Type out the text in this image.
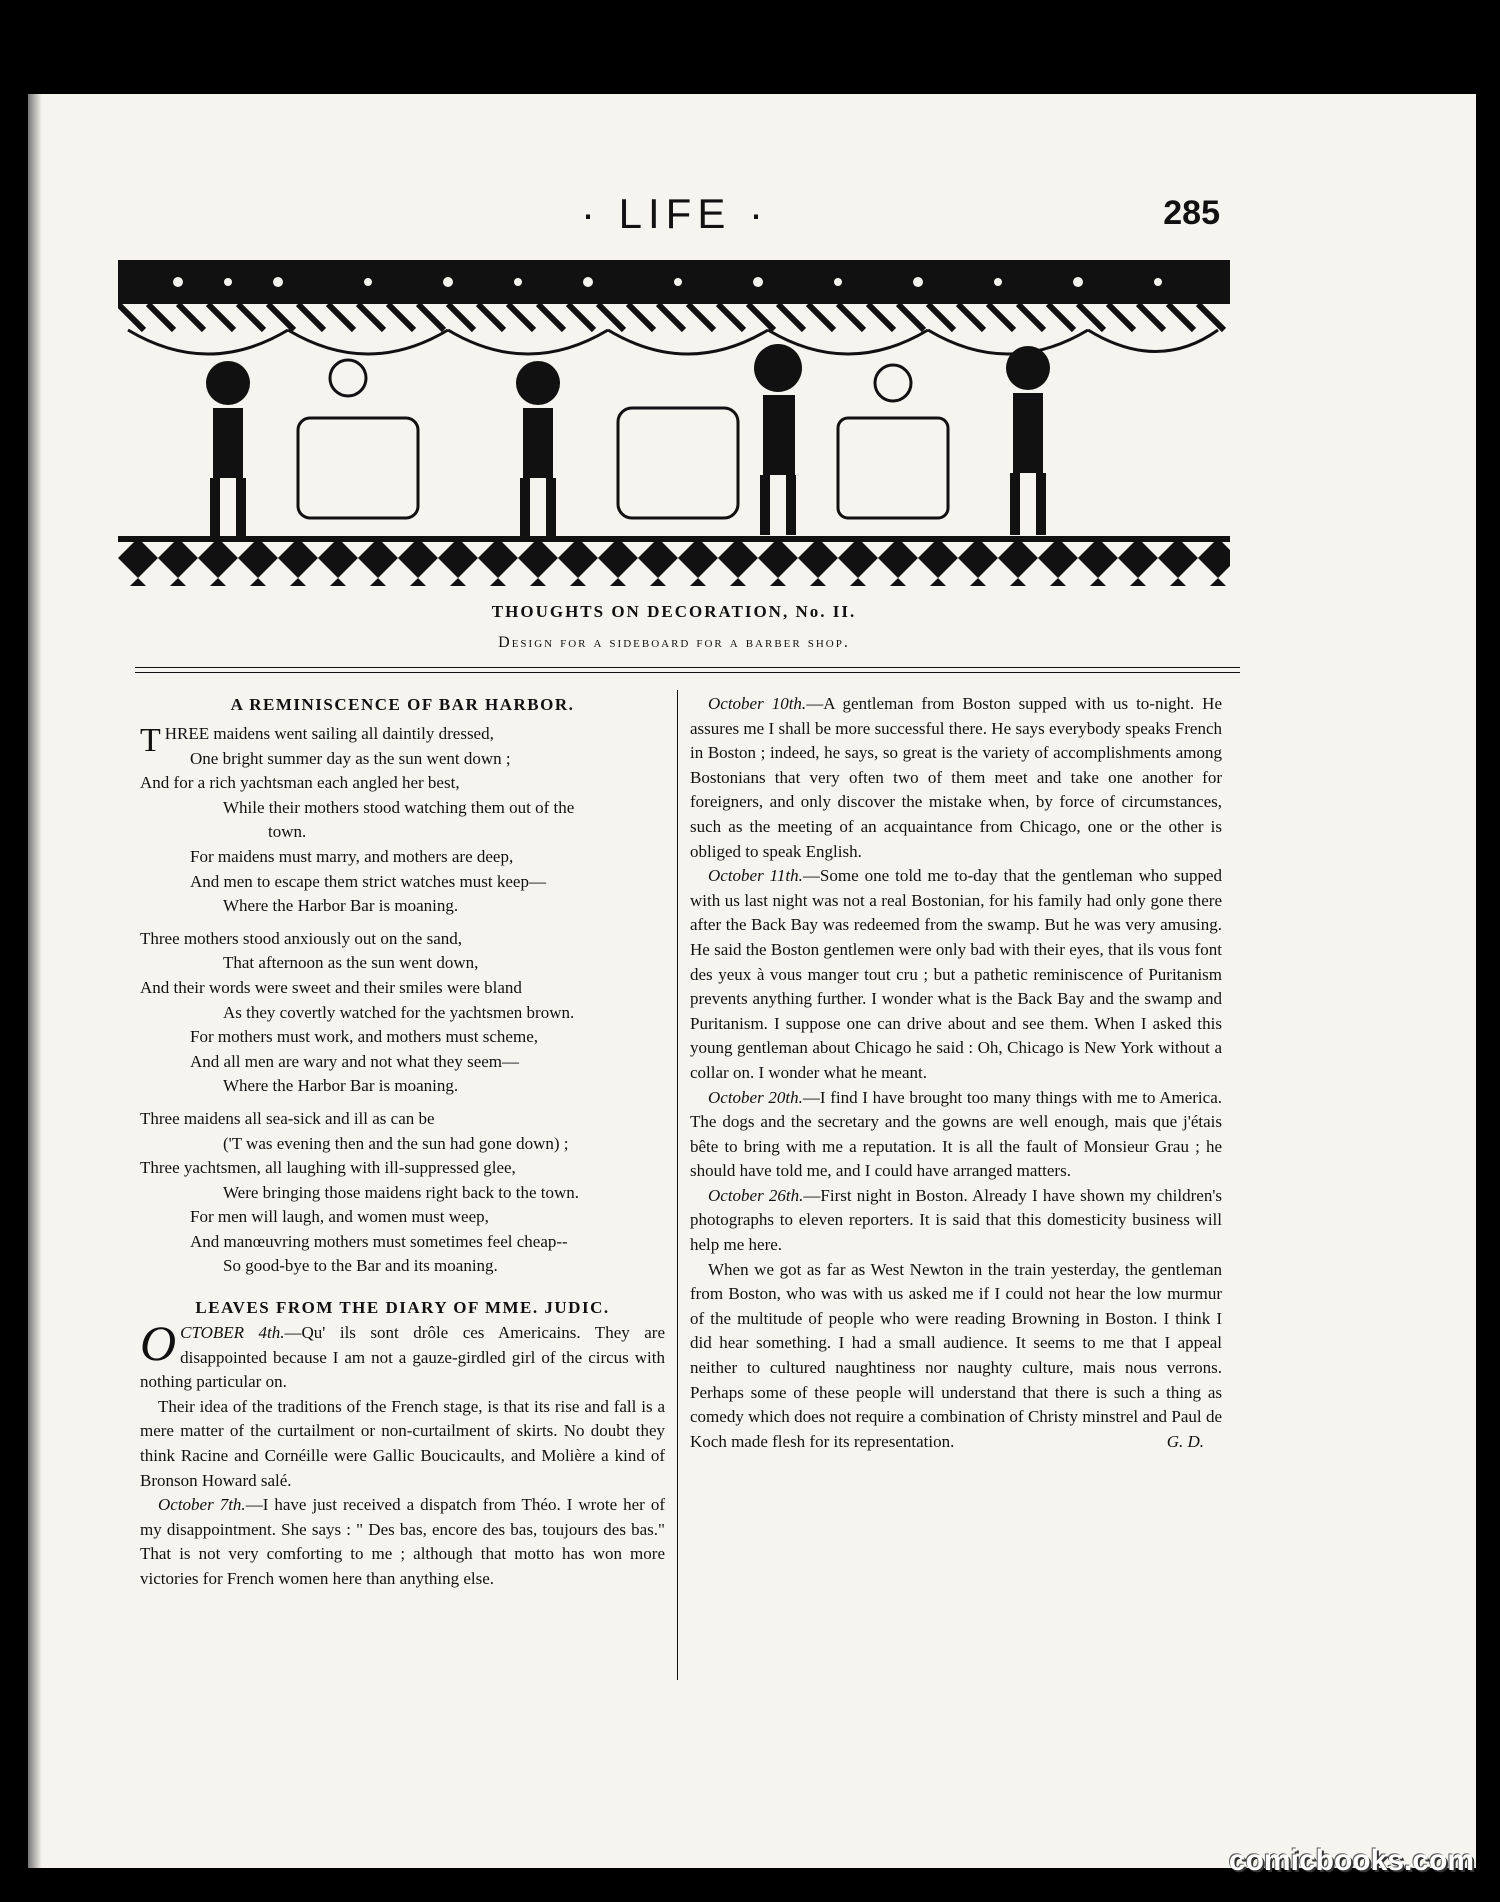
· LIFE ·	285
THOUGHTS ON DECORATION, No. II.
Design for a sideboard for a barber shop.
A REMINISCENCE OF BAR HARBOR.
THREE maidens went sailing all daintily dressed,
One bright summer day as the sun went down ;
And for a rich yachtsman each angled her best,
While their mothers stood watching them out of the
town.
For maidens must marry, and mothers are deep,
And men to escape them strict watches must keep—
Where the Harbor Bar is moaning.
Three mothers stood anxiously out on the sand,
That afternoon as the sun went down,
And their words were sweet and their smiles were bland
As they covertly watched for the yachtsmen brown.
For mothers must work, and mothers must scheme,
And all men are wary and not what they seem—
Where the Harbor Bar is moaning.
Three maidens all sea-sick and ill as can be
('T was evening then and the sun had gone down) ;
Three yachtsmen, all laughing with ill-suppressed glee,
Were bringing those maidens right back to the town.
For men will laugh, and women must weep,
And manœuvring mothers must sometimes feel cheap--
So good-bye to the Bar and its moaning.
LEAVES FROM THE DIARY OF MME. JUDIC.

OCTOBER 4th.—Qu' ils sont drôle ces Americains. They are disappointed because I am not a gauze-girdled girl of the circus with nothing particular on.

Their idea of the traditions of the French stage, is that its rise and fall is a mere matter of the curtailment or non-curtailment of skirts. No doubt they think Racine and Cornéille were Gallic Boucicaults, and Molière a kind of Bronson Howard salé.

October 7th.—I have just received a dispatch from Théo. I wrote her of my disappointment. She says : " Des bas, encore des bas, toujours des bas." That is not very comforting to me ; although that motto has won more victories for French women here than anything else.

October 10th.—A gentleman from Boston supped with us to-night. He assures me I shall be more successful there. He says everybody speaks French in Boston ; indeed, he says, so great is the variety of accomplishments among Bostonians that very often two of them meet and take one another for foreigners, and only discover the mistake when, by force of circumstances, such as the meeting of an acquaintance from Chicago, one or the other is obliged to speak English.

October 11th.—Some one told me to-day that the gentleman who supped with us last night was not a real Bostonian, for his family had only gone there after the Back Bay was redeemed from the swamp. But he was very amusing. He said the Boston gentlemen were only bad with their eyes, that ils vous font des yeux à vous manger tout cru ; but a pathetic reminiscence of Puritanism prevents anything further. I wonder what is the Back Bay and the swamp and Puritanism. I suppose one can drive about and see them. When I asked this young gentleman about Chicago he said : Oh, Chicago is New York without a collar on. I wonder what he meant.

October 20th.—I find I have brought too many things with me to America. The dogs and the secretary and the gowns are well enough, mais que j'étais bête to bring with me a reputation. It is all the fault of Monsieur Grau ; he should have told me, and I could have arranged matters.

October 26th.—First night in Boston. Already I have shown my children's photographs to eleven reporters. It is said that this domesticity business will help me here.

When we got as far as West Newton in the train yesterday, the gentleman from Boston, who was with us asked me if I could not hear the low murmur of the multitude of people who were reading Browning in Boston. I think I did hear something. I had a small audience. It seems to me that I appeal neither to cultured naughtiness nor naughty culture, mais nous verrons. Perhaps some of these people will understand that there is such a thing as comedy which does not require a combination of Christy minstrel and Paul de Koch made flesh for its representation.	G. D.

comicbooks.com
